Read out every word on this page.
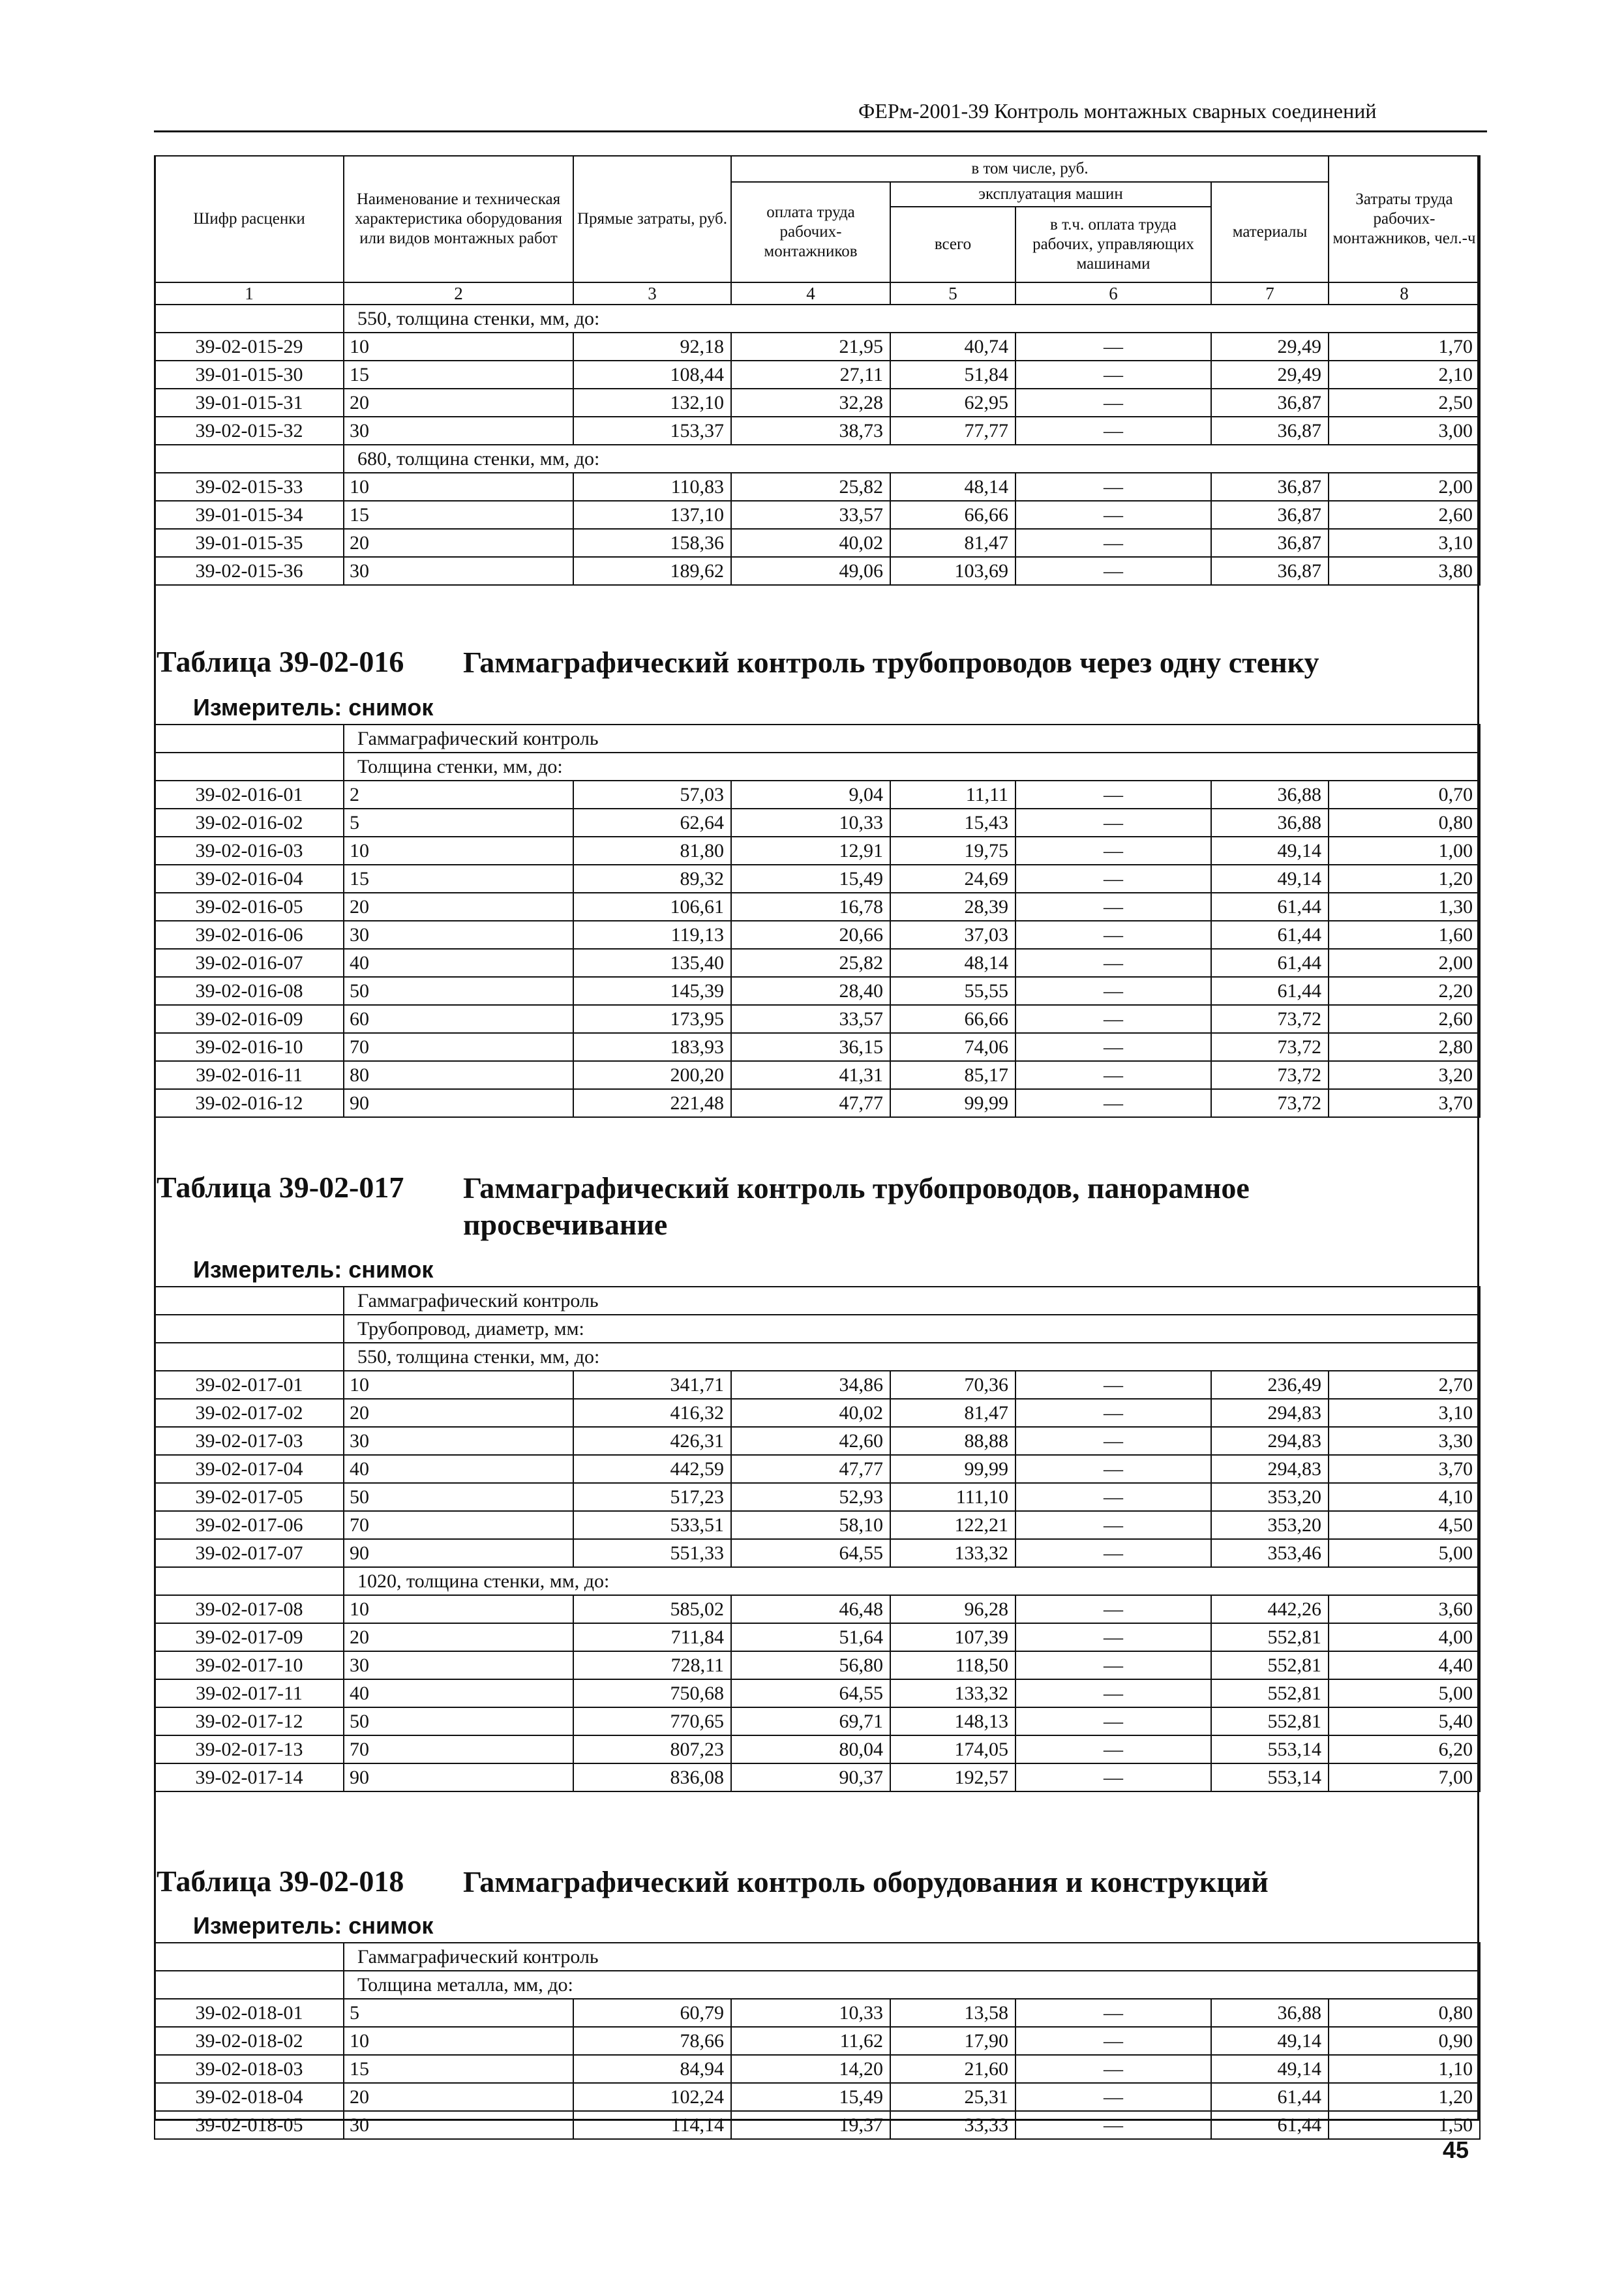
ФЕРм-2001-39 Контроль монтажных сварных соединений
Шифр расценки	Наименование и техническая характеристика оборудования или видов монтажных работ	Прямые затраты, руб.	в том числе, руб.				Затраты труда рабочих-монтажников, чел.-ч
			оплата труда рабочих-монтажников	эксплуатация машин		материалы	
				всего	в т.ч. оплата труда рабочих, управляющих машинами		
1	2	3	4	5	6	7	8
	550, толщина стенки, мм, до:						
39-02-015-29	10	92,18	21,95	40,74	—	29,49	1,70
39-01-015-30	15	108,44	27,11	51,84	—	29,49	2,10
39-01-015-31	20	132,10	32,28	62,95	—	36,87	2,50
39-02-015-32	30	153,37	38,73	77,77	—	36,87	3,00
	680, толщина стенки, мм, до:						
39-02-015-33	10	110,83	25,82	48,14	—	36,87	2,00
39-01-015-34	15	137,10	33,57	66,66	—	36,87	2,60
39-01-015-35	20	158,36	40,02	81,47	—	36,87	3,10
39-02-015-36	30	189,62	49,06	103,69	—	36,87	3,80
Таблица 39-02-016 Гаммаграфический контроль трубопроводов через одну стенку
Измеритель: снимок
	Гаммаграфический контроль						
	Толщина стенки, мм, до:						
39-02-016-01	2	57,03	9,04	11,11	—	36,88	0,70
39-02-016-02	5	62,64	10,33	15,43	—	36,88	0,80
39-02-016-03	10	81,80	12,91	19,75	—	49,14	1,00
39-02-016-04	15	89,32	15,49	24,69	—	49,14	1,20
39-02-016-05	20	106,61	16,78	28,39	—	61,44	1,30
39-02-016-06	30	119,13	20,66	37,03	—	61,44	1,60
39-02-016-07	40	135,40	25,82	48,14	—	61,44	2,00
39-02-016-08	50	145,39	28,40	55,55	—	61,44	2,20
39-02-016-09	60	173,95	33,57	66,66	—	73,72	2,60
39-02-016-10	70	183,93	36,15	74,06	—	73,72	2,80
39-02-016-11	80	200,20	41,31	85,17	—	73,72	3,20
39-02-016-12	90	221,48	47,77	99,99	—	73,72	3,70
Таблица 39-02-017 Гаммаграфический контроль трубопроводов, панорамное просвечивание
Измеритель: снимок
	Гаммаграфический контроль						
	Трубопровод, диаметр, мм:						
	550, толщина стенки, мм, до:						
39-02-017-01	10	341,71	34,86	70,36	—	236,49	2,70
39-02-017-02	20	416,32	40,02	81,47	—	294,83	3,10
39-02-017-03	30	426,31	42,60	88,88	—	294,83	3,30
39-02-017-04	40	442,59	47,77	99,99	—	294,83	3,70
39-02-017-05	50	517,23	52,93	111,10	—	353,20	4,10
39-02-017-06	70	533,51	58,10	122,21	—	353,20	4,50
39-02-017-07	90	551,33	64,55	133,32	—	353,46	5,00
	1020, толщина стенки, мм, до:						
39-02-017-08	10	585,02	46,48	96,28	—	442,26	3,60
39-02-017-09	20	711,84	51,64	107,39	—	552,81	4,00
39-02-017-10	30	728,11	56,80	118,50	—	552,81	4,40
39-02-017-11	40	750,68	64,55	133,32	—	552,81	5,00
39-02-017-12	50	770,65	69,71	148,13	—	552,81	5,40
39-02-017-13	70	807,23	80,04	174,05	—	553,14	6,20
39-02-017-14	90	836,08	90,37	192,57	—	553,14	7,00
Таблица 39-02-018 Гаммаграфический контроль оборудования и конструкций
Измеритель: снимок
	Гаммаграфический контроль						
	Толщина металла, мм, до:						
39-02-018-01	5	60,79	10,33	13,58	—	36,88	0,80
39-02-018-02	10	78,66	11,62	17,90	—	49,14	0,90
39-02-018-03	15	84,94	14,20	21,60	—	49,14	1,10
39-02-018-04	20	102,24	15,49	25,31	—	61,44	1,20
39-02-018-05	30	114,14	19,37	33,33	—	61,44	1,50
45
